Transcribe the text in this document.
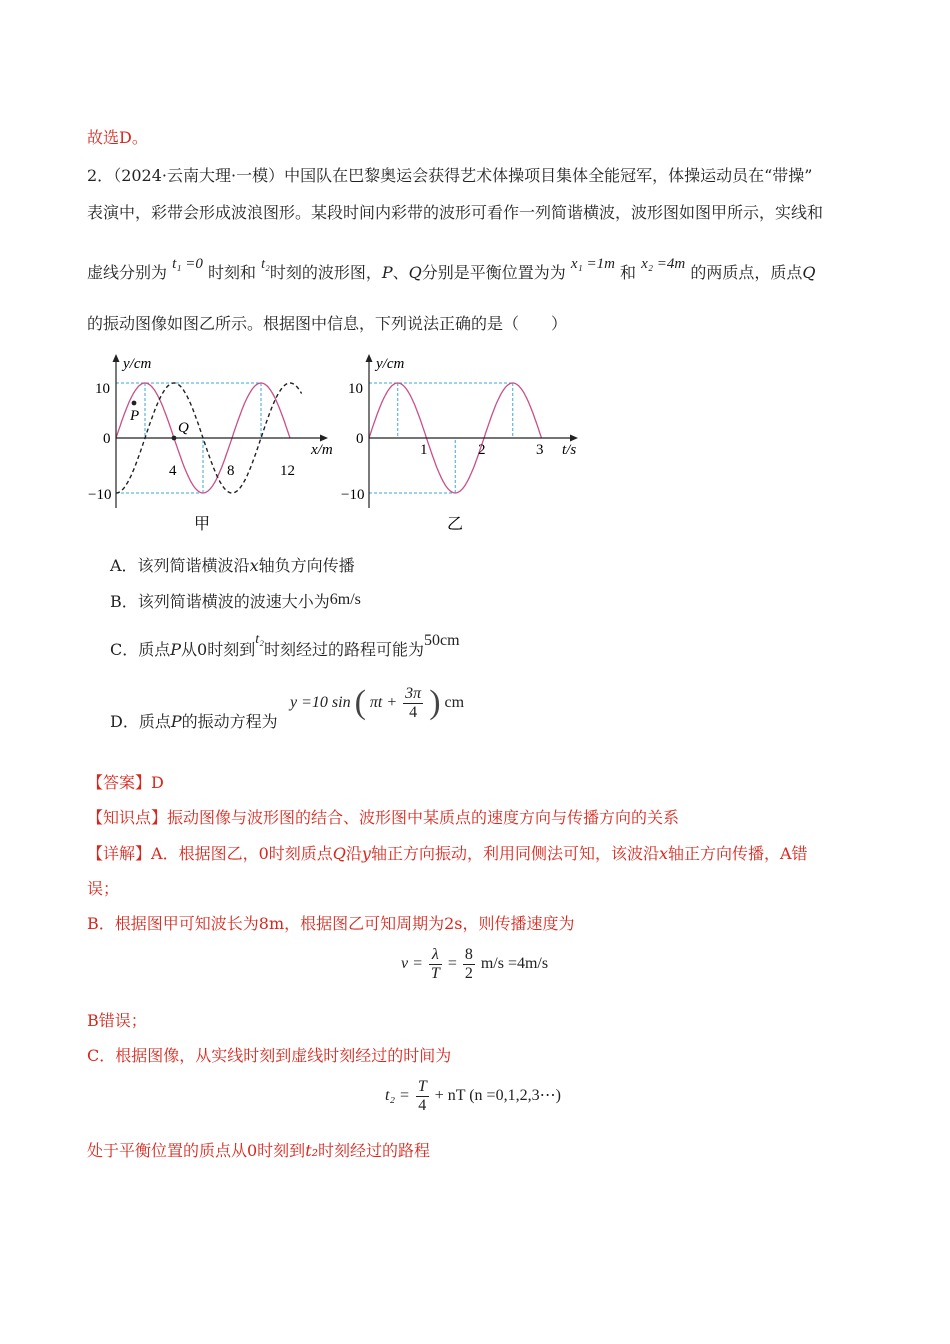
故选D。
2．（2024·云南大理·一模）中国队在巴黎奥运会获得艺术体操项目集体全能冠军，体操运动员在“带操”
表演中，彩带会形成波浪图形。某段时间内彩带的波形可看作一列简谐横波，波形图如图甲所示，实线和
虚线分别为 t₁ =0 时刻和 t₂时刻的波形图，P、Q分别是平衡位置为为 x₁ =1m 和 x₂ =4m 的两质点，质点Q
的振动图像如图乙所示。根据图中信息，下列说法正确的是（　　）
y/cm
x/m
10
0
−10
4	8	12
P
Q
甲
y/cm
t/s
10
0
−10
1	2	3
乙
A．该列简谐横波沿x轴负方向传播
B．该列简谐横波的波速大小为6m/s
C．质点P从0时刻到t₂时刻经过的路程可能为50cm
D．质点P的振动方程为
y =10 sin ( $\pi t + \frac{3\pi}{4}$ ) cm
【答案】D
【知识点】振动图像与波形图的结合、波形图中某质点的速度方向与传播方向的关系
【详解】A．根据图乙，0时刻质点Q沿y轴正方向振动，利用同侧法可知，该波沿x轴正方向传播，A错
误；
B．根据图甲可知波长为8m，根据图乙可知周期为2s，则传播速度为
$v = \frac{\lambda}{T} = \frac{8}{2} m/s =4m/s$
B错误；
C．根据图像，从实线时刻到虚线时刻经过的时间为
$t_2 = \frac{T}{4}$ + nT (n =0,1,2,3⋯)
处于平衡位置的质点从0时刻到t₂时刻经过的路程
